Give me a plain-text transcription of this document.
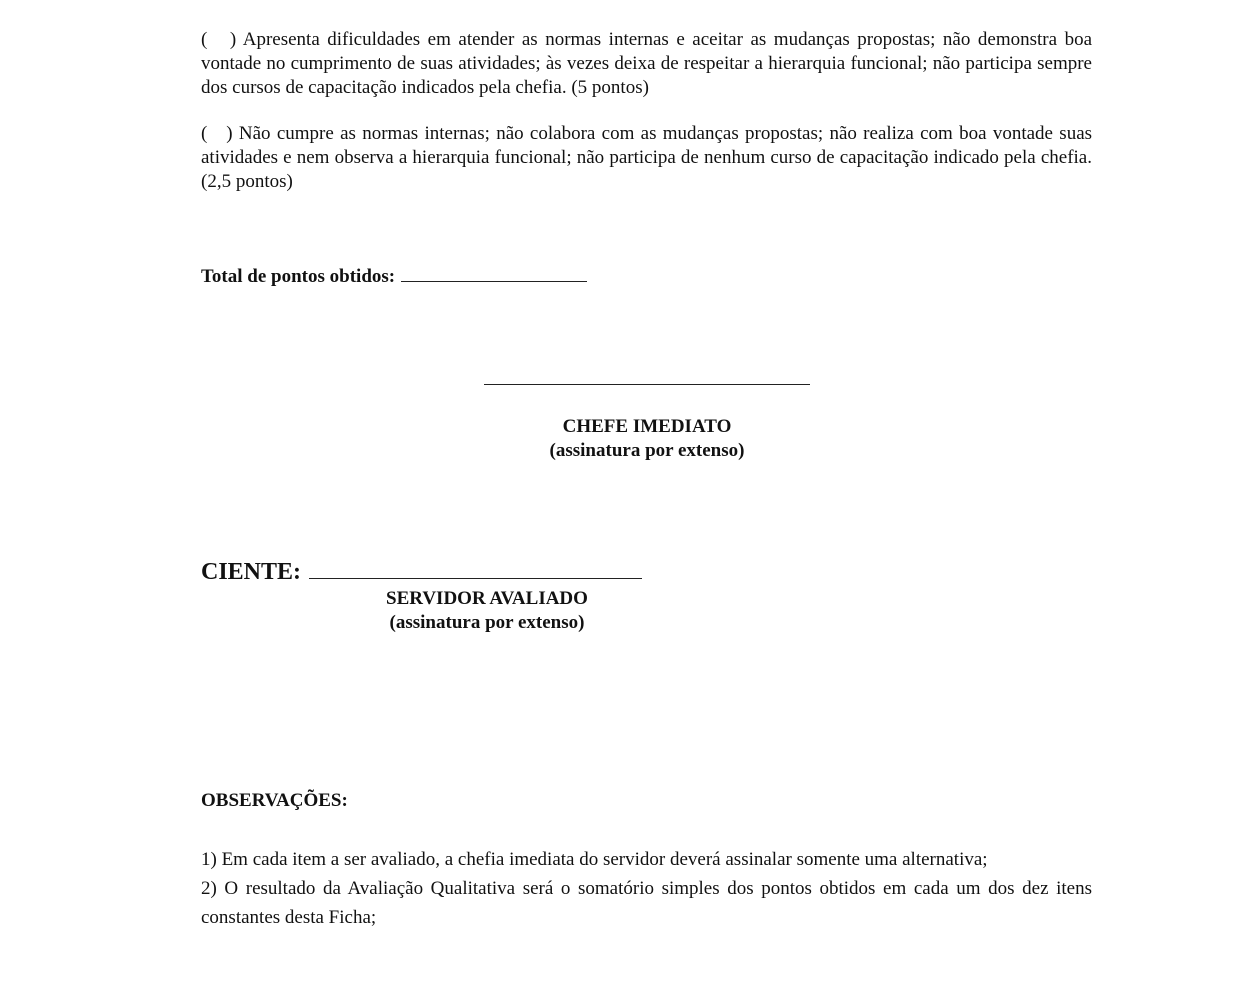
(   ) Apresenta dificuldades em atender as normas internas e aceitar as mudanças propostas; não demonstra boa vontade no cumprimento de suas atividades; às vezes deixa de respeitar a hierarquia funcional; não participa sempre dos cursos de capacitação indicados pela chefia. (5 pontos)
(   ) Não cumpre as normas internas; não colabora com as mudanças propostas; não realiza com boa vontade suas atividades e nem observa a hierarquia funcional; não participa de nenhum curso de capacitação indicado pela chefia. (2,5 pontos)
Total de pontos obtidos:
CHEFE IMEDIATO
(assinatura por extenso)
CIENTE:
SERVIDOR AVALIADO
(assinatura por extenso)
OBSERVAÇÕES:
1) Em cada item a ser avaliado, a chefia imediata do servidor deverá assinalar somente uma alternativa;
2) O resultado da Avaliação Qualitativa será o somatório simples dos pontos obtidos em cada um dos dez itens constantes desta Ficha;
